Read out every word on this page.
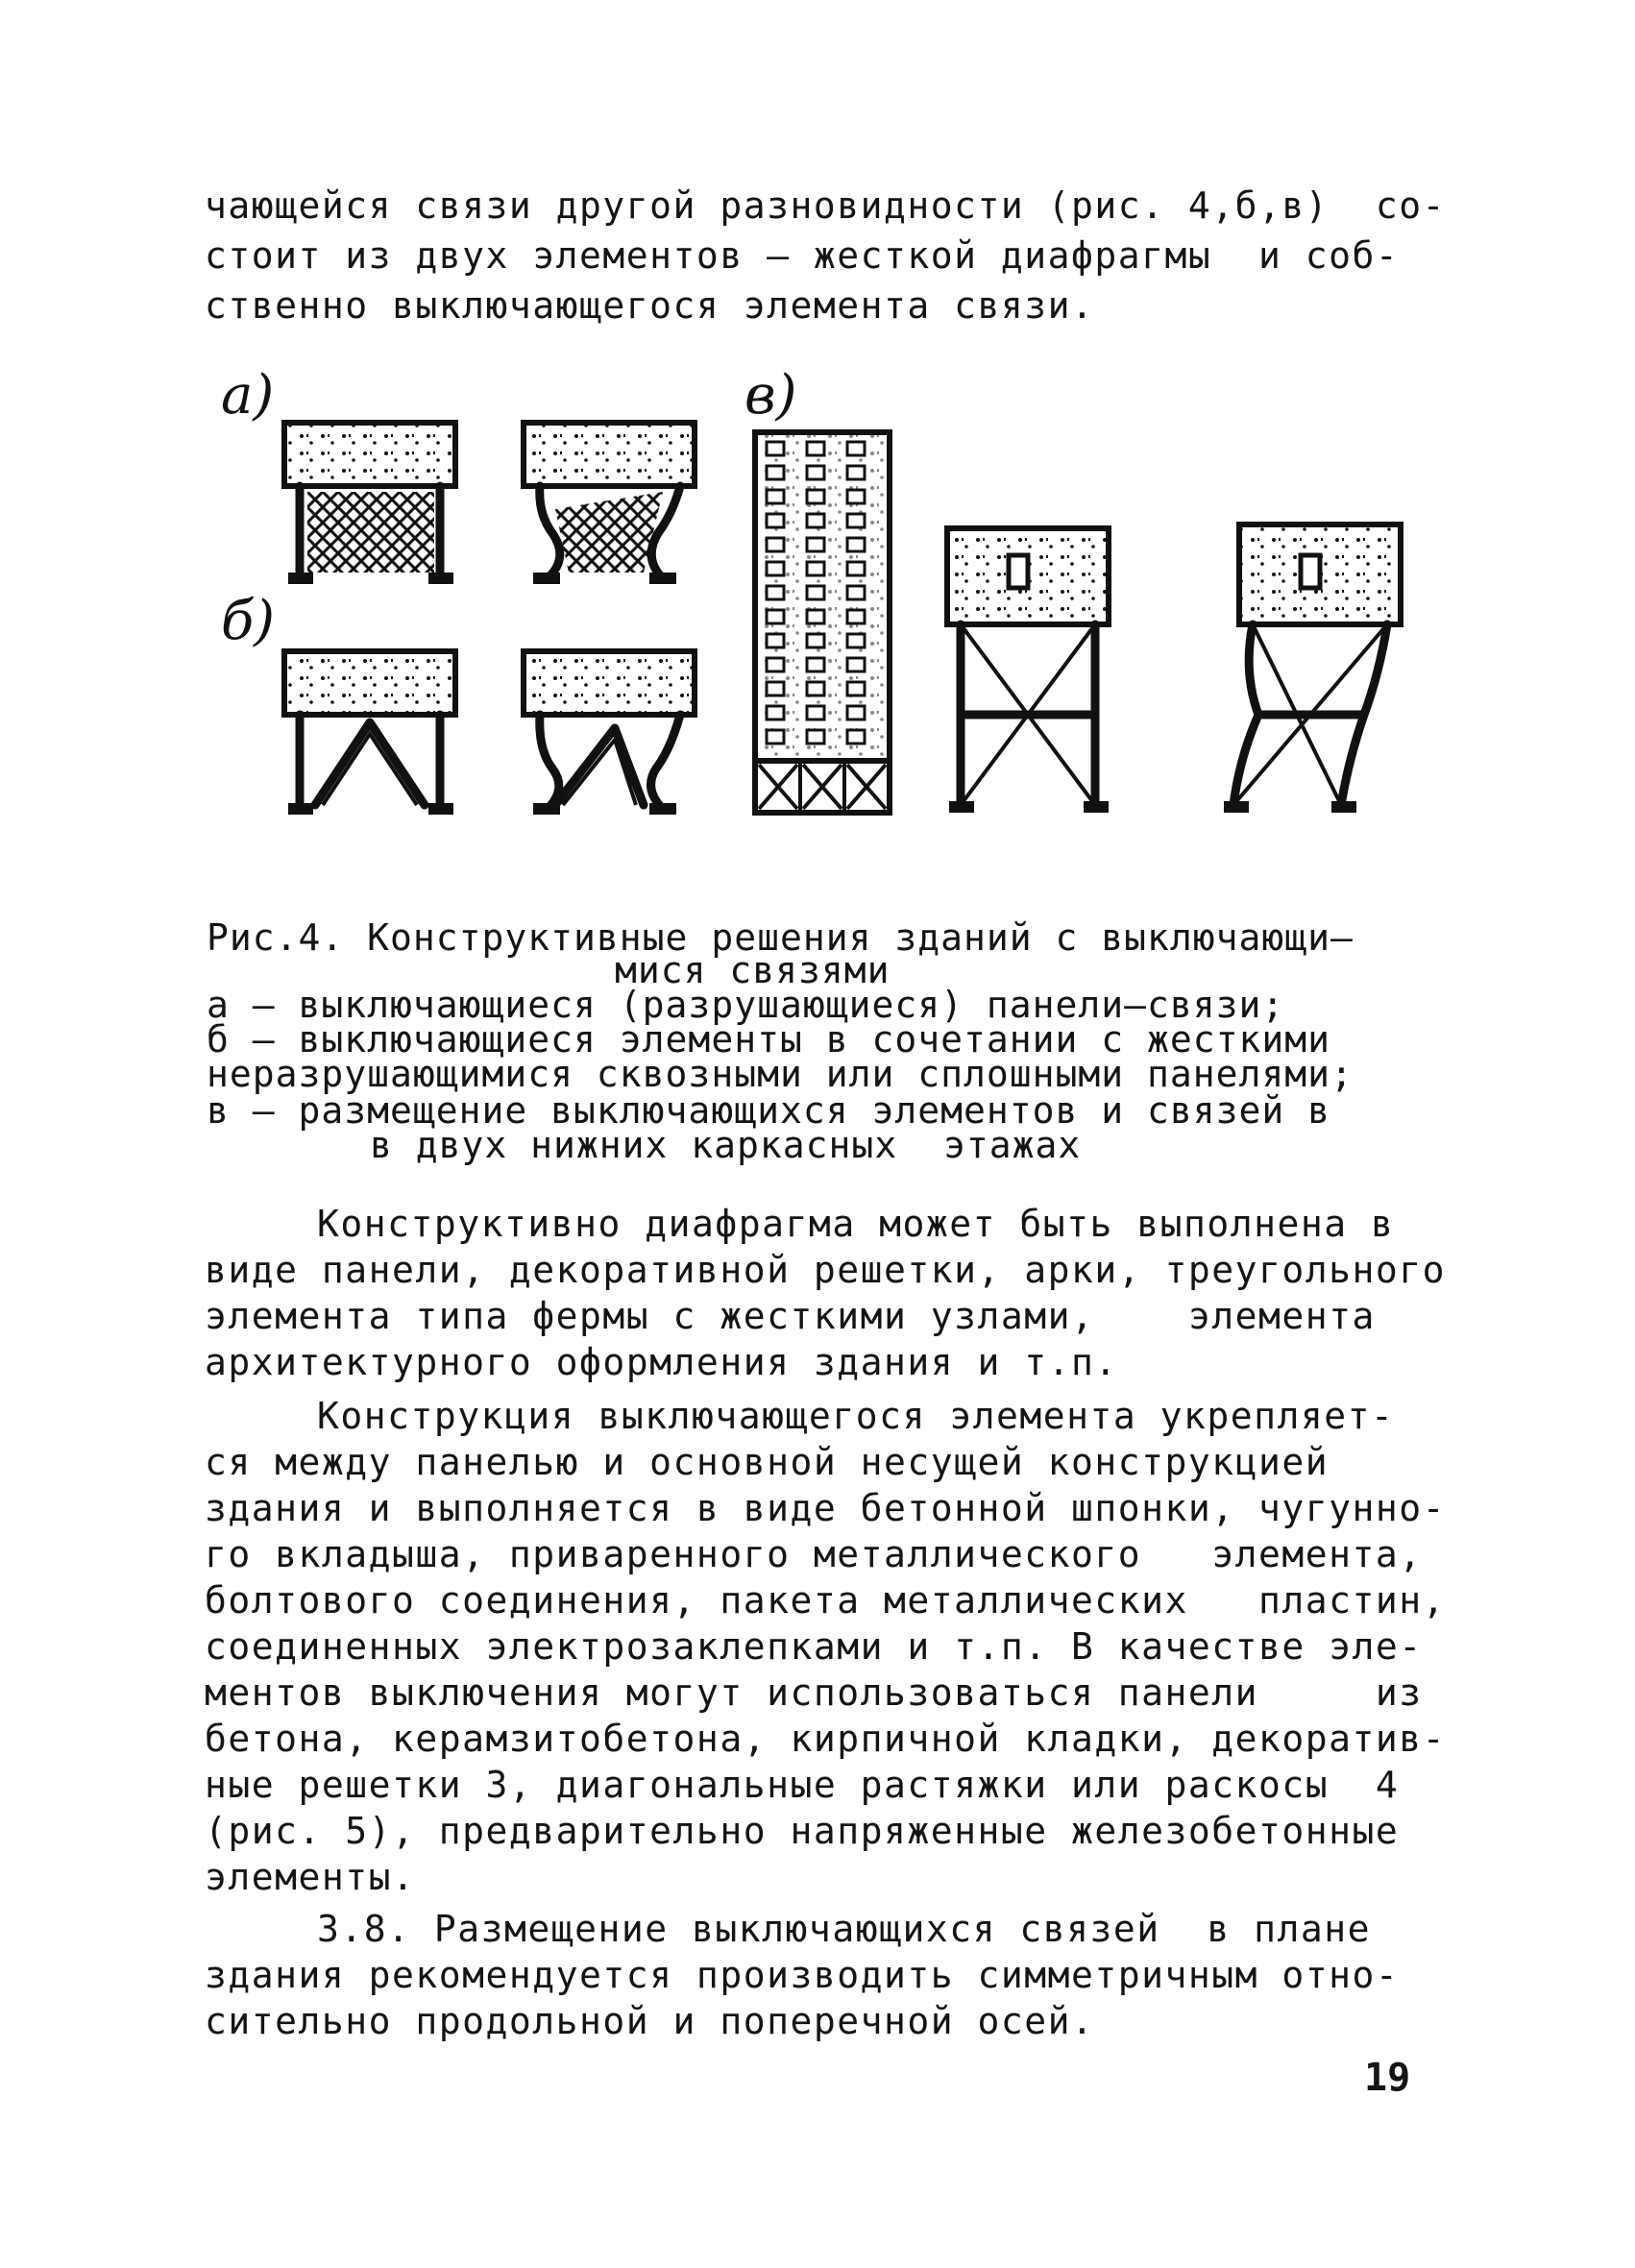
чающейся связи другой разновидности (рис. 4,б,в)  со-
стоит из двух элементов – жесткой диафрагмы  и соб-
ственно выключающегося элемента связи.
а)
б)
в)
Рис.4. Конструктивные решения зданий с выключающи–
мися связями
а – выключающиеся (разрушающиеся) панели–связи;
б – выключающиеся элементы в сочетании с жесткими
неразрушающимися сквозными или сплошными панелями;
в – размещение выключающихся элементов и связей в
в двух нижних каркасных  этажах
Конструктивно диафрагма может быть выполнена в
виде панели, декоративной решетки, арки, треугольного
элемента типа фермы с жесткими узлами,    элемента
архитектурного оформления здания и т.п.
Конструкция выключающегося элемента укрепляет-
ся между панелью и основной несущей конструкцией
здания и выполняется в виде бетонной шпонки, чугунно-
го вкладыша, приваренного металлического   элемента,
болтового соединения, пакета металлических   пластин,
соединенных электрозаклепками и т.п. В качестве эле-
ментов выключения могут использоваться панели     из
бетона, керамзитобетона, кирпичной кладки, декоратив-
ные решетки 3, диагональные растяжки или раскосы  4
(рис. 5), предварительно напряженные железобетонные
элементы.
3.8. Размещение выключающихся связей  в плане
здания рекомендуется производить симметричным отно-
сительно продольной и поперечной осей.
19
